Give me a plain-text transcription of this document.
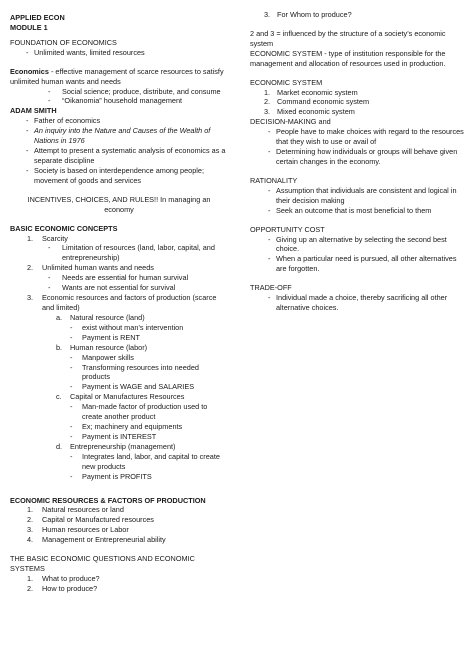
APPLIED ECON
MODULE 1
FOUNDATION OF ECONOMICS
- Unlimited wants, limited resources
Economics - effective management of scarce resources to satisfy unlimited human wants and needs
-	Social science; produce, distribute, and consume
-	“Oikanomia” household management
ADAM SMITH
- Father of economics
- An inquiry into the Nature and Causes of the Wealth of Nations in 1976
- Attempt to present a systematic analysis of economics as a separate discipline
- Society is based on interdependence among people; movement of goods and services
INCENTIVES, CHOICES, AND RULES!! In managing an economy
BASIC ECONOMIC CONCEPTS
1.	Scarcity
-	Limitation of resources (land, labor, capital, and entrepreneurship)
2.	Unlimited human wants and needs
-	Needs are essential for human survival
-	Wants are not essential for survival
3.	Economic resources and factors of production (scarce and limited)
a.	Natural resource (land)
-	exist without man’s intervention
-	Payment is RENT
b.	Human resource (labor)
-	Manpower skills
-	Transforming resources into needed products
-	Payment is WAGE and SALARIES
c.	Capital or Manufactures Resources
-	Man-made factor of production used to create another product
-	Ex; machinery and equipments
-	Payment is INTEREST
d.	Entrepreneurship (management)
-	Integrates land, labor, and capital to create new products
-	Payment is PROFITS
ECONOMIC RESOURCES & FACTORS OF PRODUCTION
1.	Natural resources or land
2.	Capital or Manufactured resources
3.	Human resources or Labor
4.	Management or Entrepreneurial ability
THE BASIC ECONOMIC QUESTIONS AND ECONOMIC SYSTEMS
1.	What to produce?
2.	How to produce?
3. For Whom to produce?
2 and 3 = influenced by the structure of a society’s economic system
ECONOMIC SYSTEM - type of institution responsible for the management and allocation of resources used in production.
ECONOMIC SYSTEM
1. Market economic system
2. Command economic system
3. Mixed economic system
DECISION-MAKING and
- People have to make choices with regard to the resources that they wish to use or avail of
- Determining how individuals or groups will behave given certain changes in the economy.
RATIONALITY
- Assumption that individuals are consistent and logical in their decision making
- Seek an outcome that is most beneficial to them
OPPORTUNITY COST
- Giving up an alternative by selecting the second best choice.
- When a particular need is pursued, all other alternatives are forgotten.
TRADE-OFF
- Individual made a choice, thereby sacrificing all other alternative choices.
